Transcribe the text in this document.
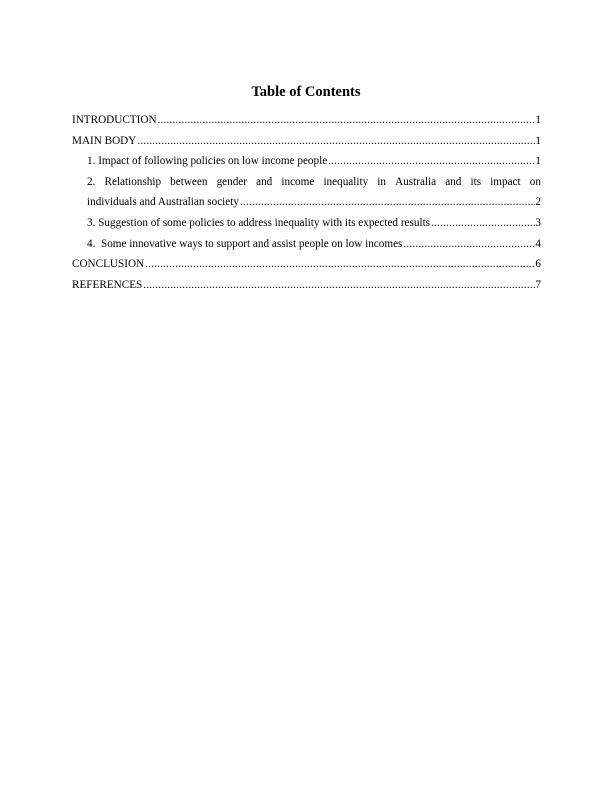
Table of Contents
INTRODUCTION .....	1
MAIN BODY .....	1
1. Impact of following policies on low income people .....	1
2. Relationship between gender and income inequality in Australia and its impact on
individuals and Australian society .....	2
3. Suggestion of some policies to address inequality with its expected results .....	3
4.  Some innovative ways to support and assist people on low incomes .....	4
CONCLUSION .....	6
REFERENCES .....	7
